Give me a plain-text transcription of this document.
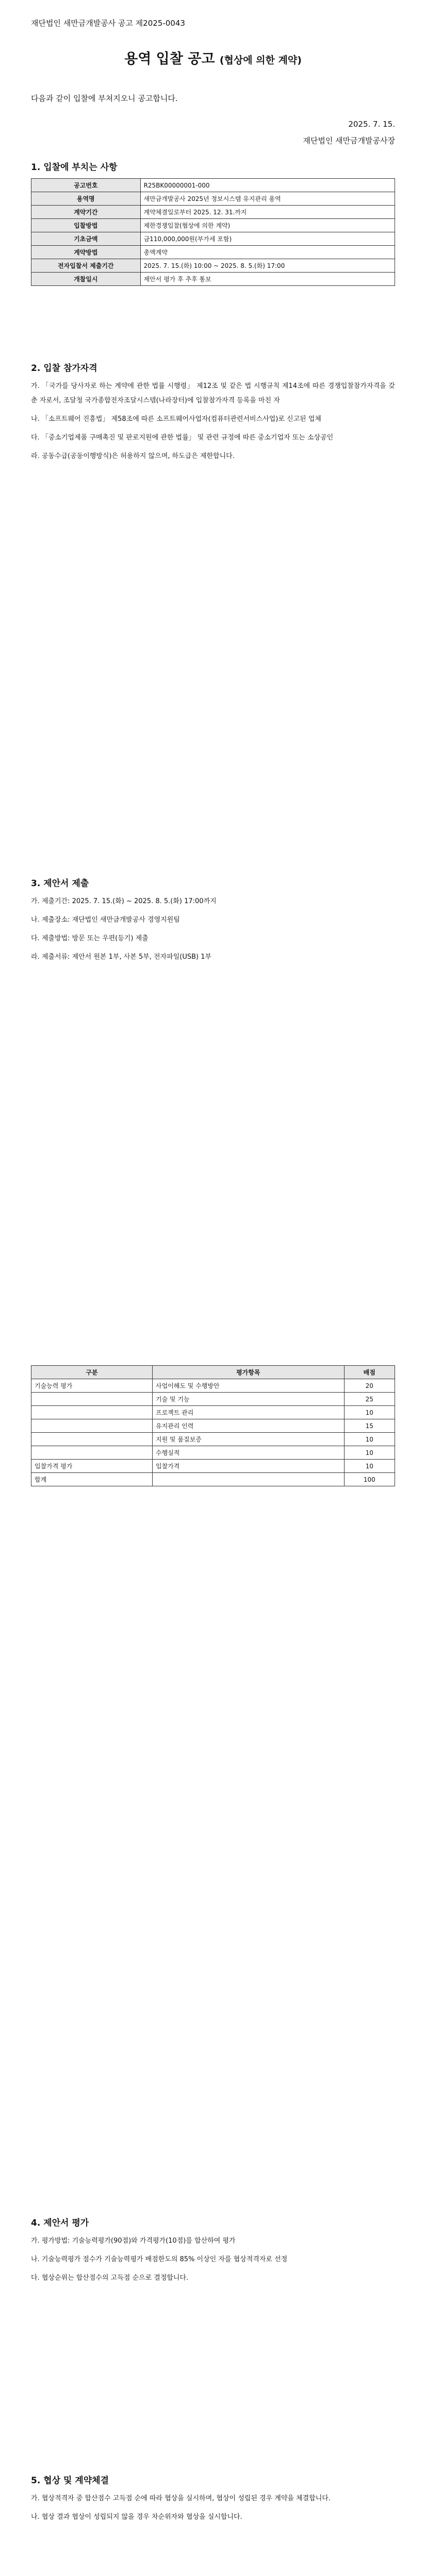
재단법인 새만금개발공사 공고 제2025-0043
용역 입찰 공고 (협상에 의한 계약)
다음과 같이 입찰에 부쳐지오니 공고합니다.
2025. 7. 15.
재단법인 새만금개발공사장
1. 입찰에 부치는 사항
공고번호	R25BK00000001-000
용역명	새만금개발공사 2025년 정보시스템 유지관리 용역
계약기간	계약체결일로부터 2025. 12. 31.까지
입찰방법	제한경쟁입찰(협상에 의한 계약)
기초금액	금110,000,000원(부가세 포함)
계약방법	총액계약
전자입찰서 제출기간	2025. 7. 15.(화) 10:00 ~ 2025. 8. 5.(화) 17:00
개찰일시	제안서 평가 후 추후 통보
2. 입찰 참가자격

가. 「국가를 당사자로 하는 계약에 관한 법률 시행령」 제12조 및 같은 법 시행규칙 제14조에 따른 경쟁입찰참가자격을 갖춘 자로서, 조달청 국가종합전자조달시스템(나라장터)에 입찰참가자격 등록을 마친 자

나. 「소프트웨어 진흥법」 제58조에 따른 소프트웨어사업자(컴퓨터관련서비스사업)로 신고된 업체

다. 「중소기업제품 구매촉진 및 판로지원에 관한 법률」 및 관련 규정에 따른 중소기업자 또는 소상공인

라. 공동수급(공동이행방식)은 허용하지 않으며, 하도급은 제한합니다.

3. 제안서 제출

가. 제출기간: 2025. 7. 15.(화) ~ 2025. 8. 5.(화) 17:00까지

나. 제출장소: 재단법인 새만금개발공사 경영지원팀

다. 제출방법: 방문 또는 우편(등기) 제출

라. 제출서류: 제안서 원본 1부, 사본 5부, 전자파일(USB) 1부

구분	평가항목	배점
기술능력 평가	사업이해도 및 수행방안	20
	기술 및 기능	25
	프로젝트 관리	10
	유지관리 인력	15
	지원 및 품질보증	10
	수행실적	10
입찰가격 평가	입찰가격	10
합계		100
4. 제안서 평가

가. 평가방법: 기술능력평가(90점)와 가격평가(10점)를 합산하여 평가

나. 기술능력평가 점수가 기술능력평가 배점한도의 85% 이상인 자를 협상적격자로 선정

다. 협상순위는 합산점수의 고득점 순으로 결정합니다.

5. 협상 및 계약체결

가. 협상적격자 중 합산점수 고득점 순에 따라 협상을 실시하며, 협상이 성립된 경우 계약을 체결합니다.

나. 협상 결과 협상이 성립되지 않을 경우 차순위자와 협상을 실시합니다.
